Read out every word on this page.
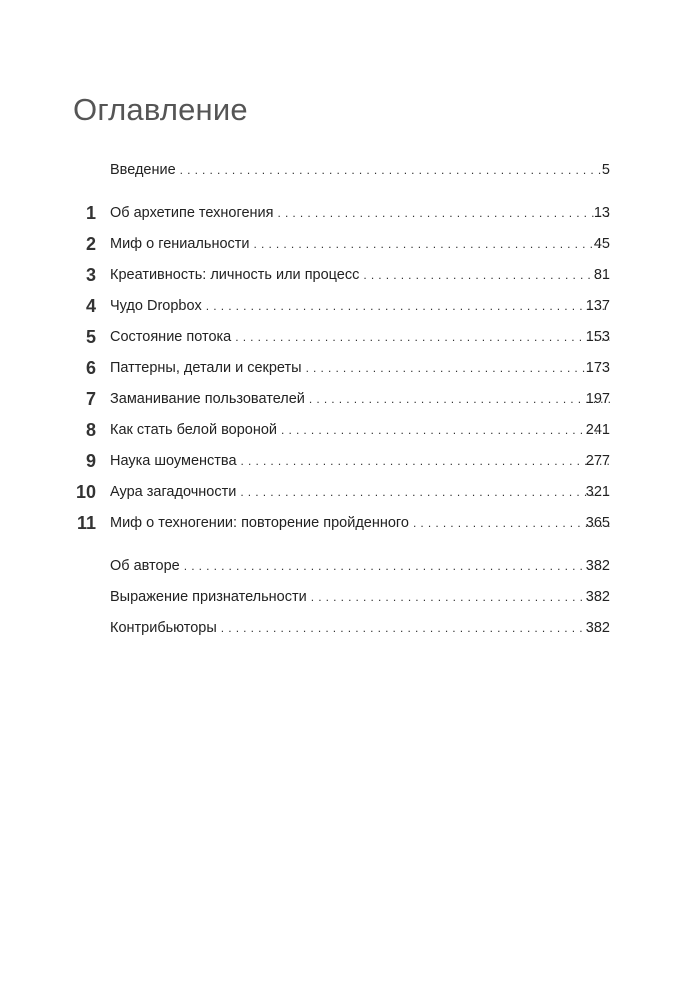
Оглавление
Введение . . .	5
1 Об архетипе техногения . . .	13
2 Миф о гениальности . . .	45
3 Креативность: личность или процесс . . .	81
4 Чудо Dropbox . . .	137
5 Состояние потока . . .	153
6 Паттерны, детали и секреты . . .	173
7 Заманивание пользователей . . .	197
8 Как стать белой вороной . . .	241
9 Наука шоуменства . . .	277
10 Аура загадочности . . .	321
11 Миф о техногении: повторение пройденного . . .	365
Об авторе . . .	382
Выражение признательности . . .	382
Контрибьюторы . . .	382
